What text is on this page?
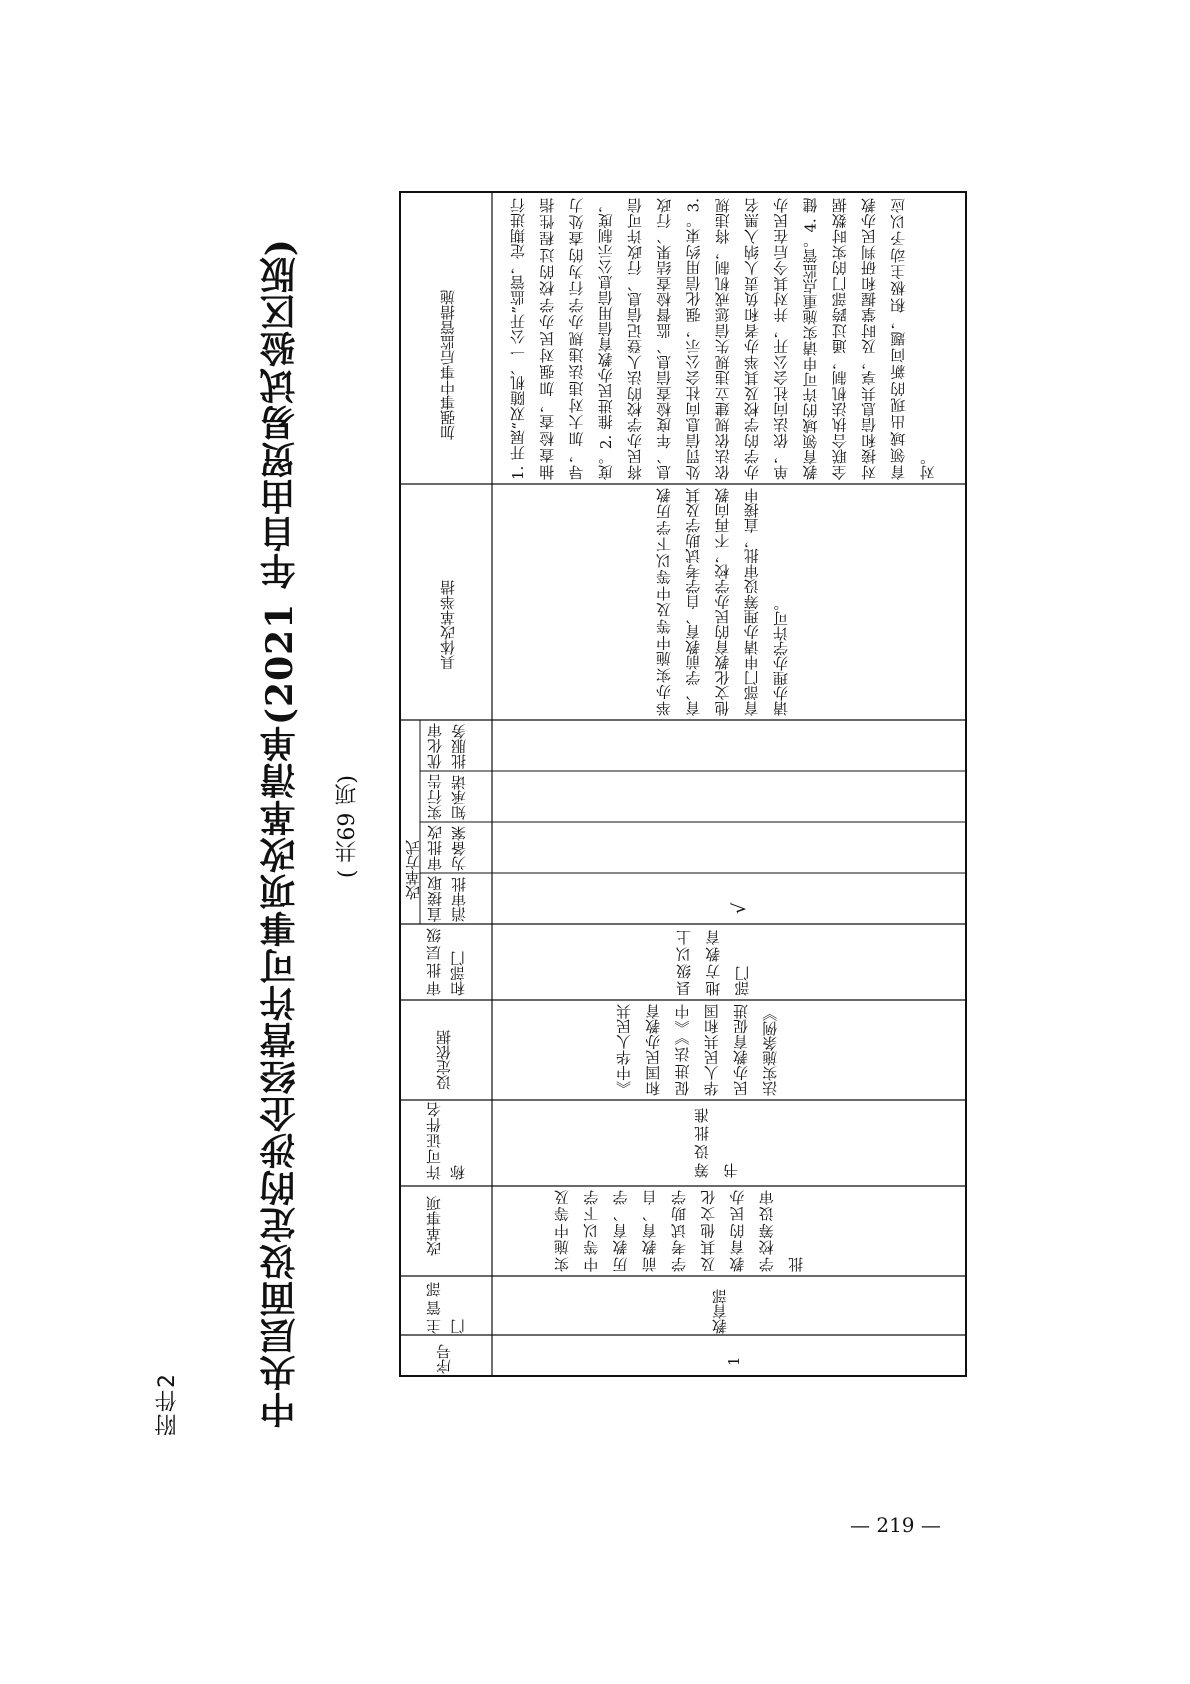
附件2 中央层面设定的涉企经营许可事项改革清单(2021 年自由贸易试验区版) ( 共69 项)
序号
主管部门
改革事项
许可证件名称
设定依据
审批层级和部门
改革方式 直接取消审批
审批改为备案
实行告知承诺
优化审批服务
具体改革举措
加强事中事后监管措施
1
教育部
实施中等及中等以下学历教育、学前教育、自学考试助学及其他文化教育的民办学校筹设审批
筹设批准书
《中华人民共和国民办教育促进法》《中华人民共和国民办教育促进法实施条例》
县级以上地方教育部门
√
举办实施中等及中等以下学历教育、学前教育、自学考试助学及其他文化教育的民办学校，不再向教育部门申请办理筹设审批，直接申请办理办学许可。
1. 开展“双随机、一公开”监管，定期进行抽查检查，加强对民办学校的过程性指导，加大对违法违规办学行为的查处力度。2. 推进民办教育信用信息公示制度，将民办学校的法人登记信息、行政许可信息、年度检查信息、监督检查结果、行政处罚信息向社会公示，强化信用约束。3. 依法依规建立违规失信惩戒机制，将违规办学的学校及其举办者和负责人纳入黑名单，依法向社会公开，并对其今后在民办教育领域的许可申请实施重点监管。4. 健全联合执法机制，通过跨部门的实时数据对接和信息共享，及时掌握和研判民办教育领域出现的新问题，积极主动予以应对。
— 219 —
